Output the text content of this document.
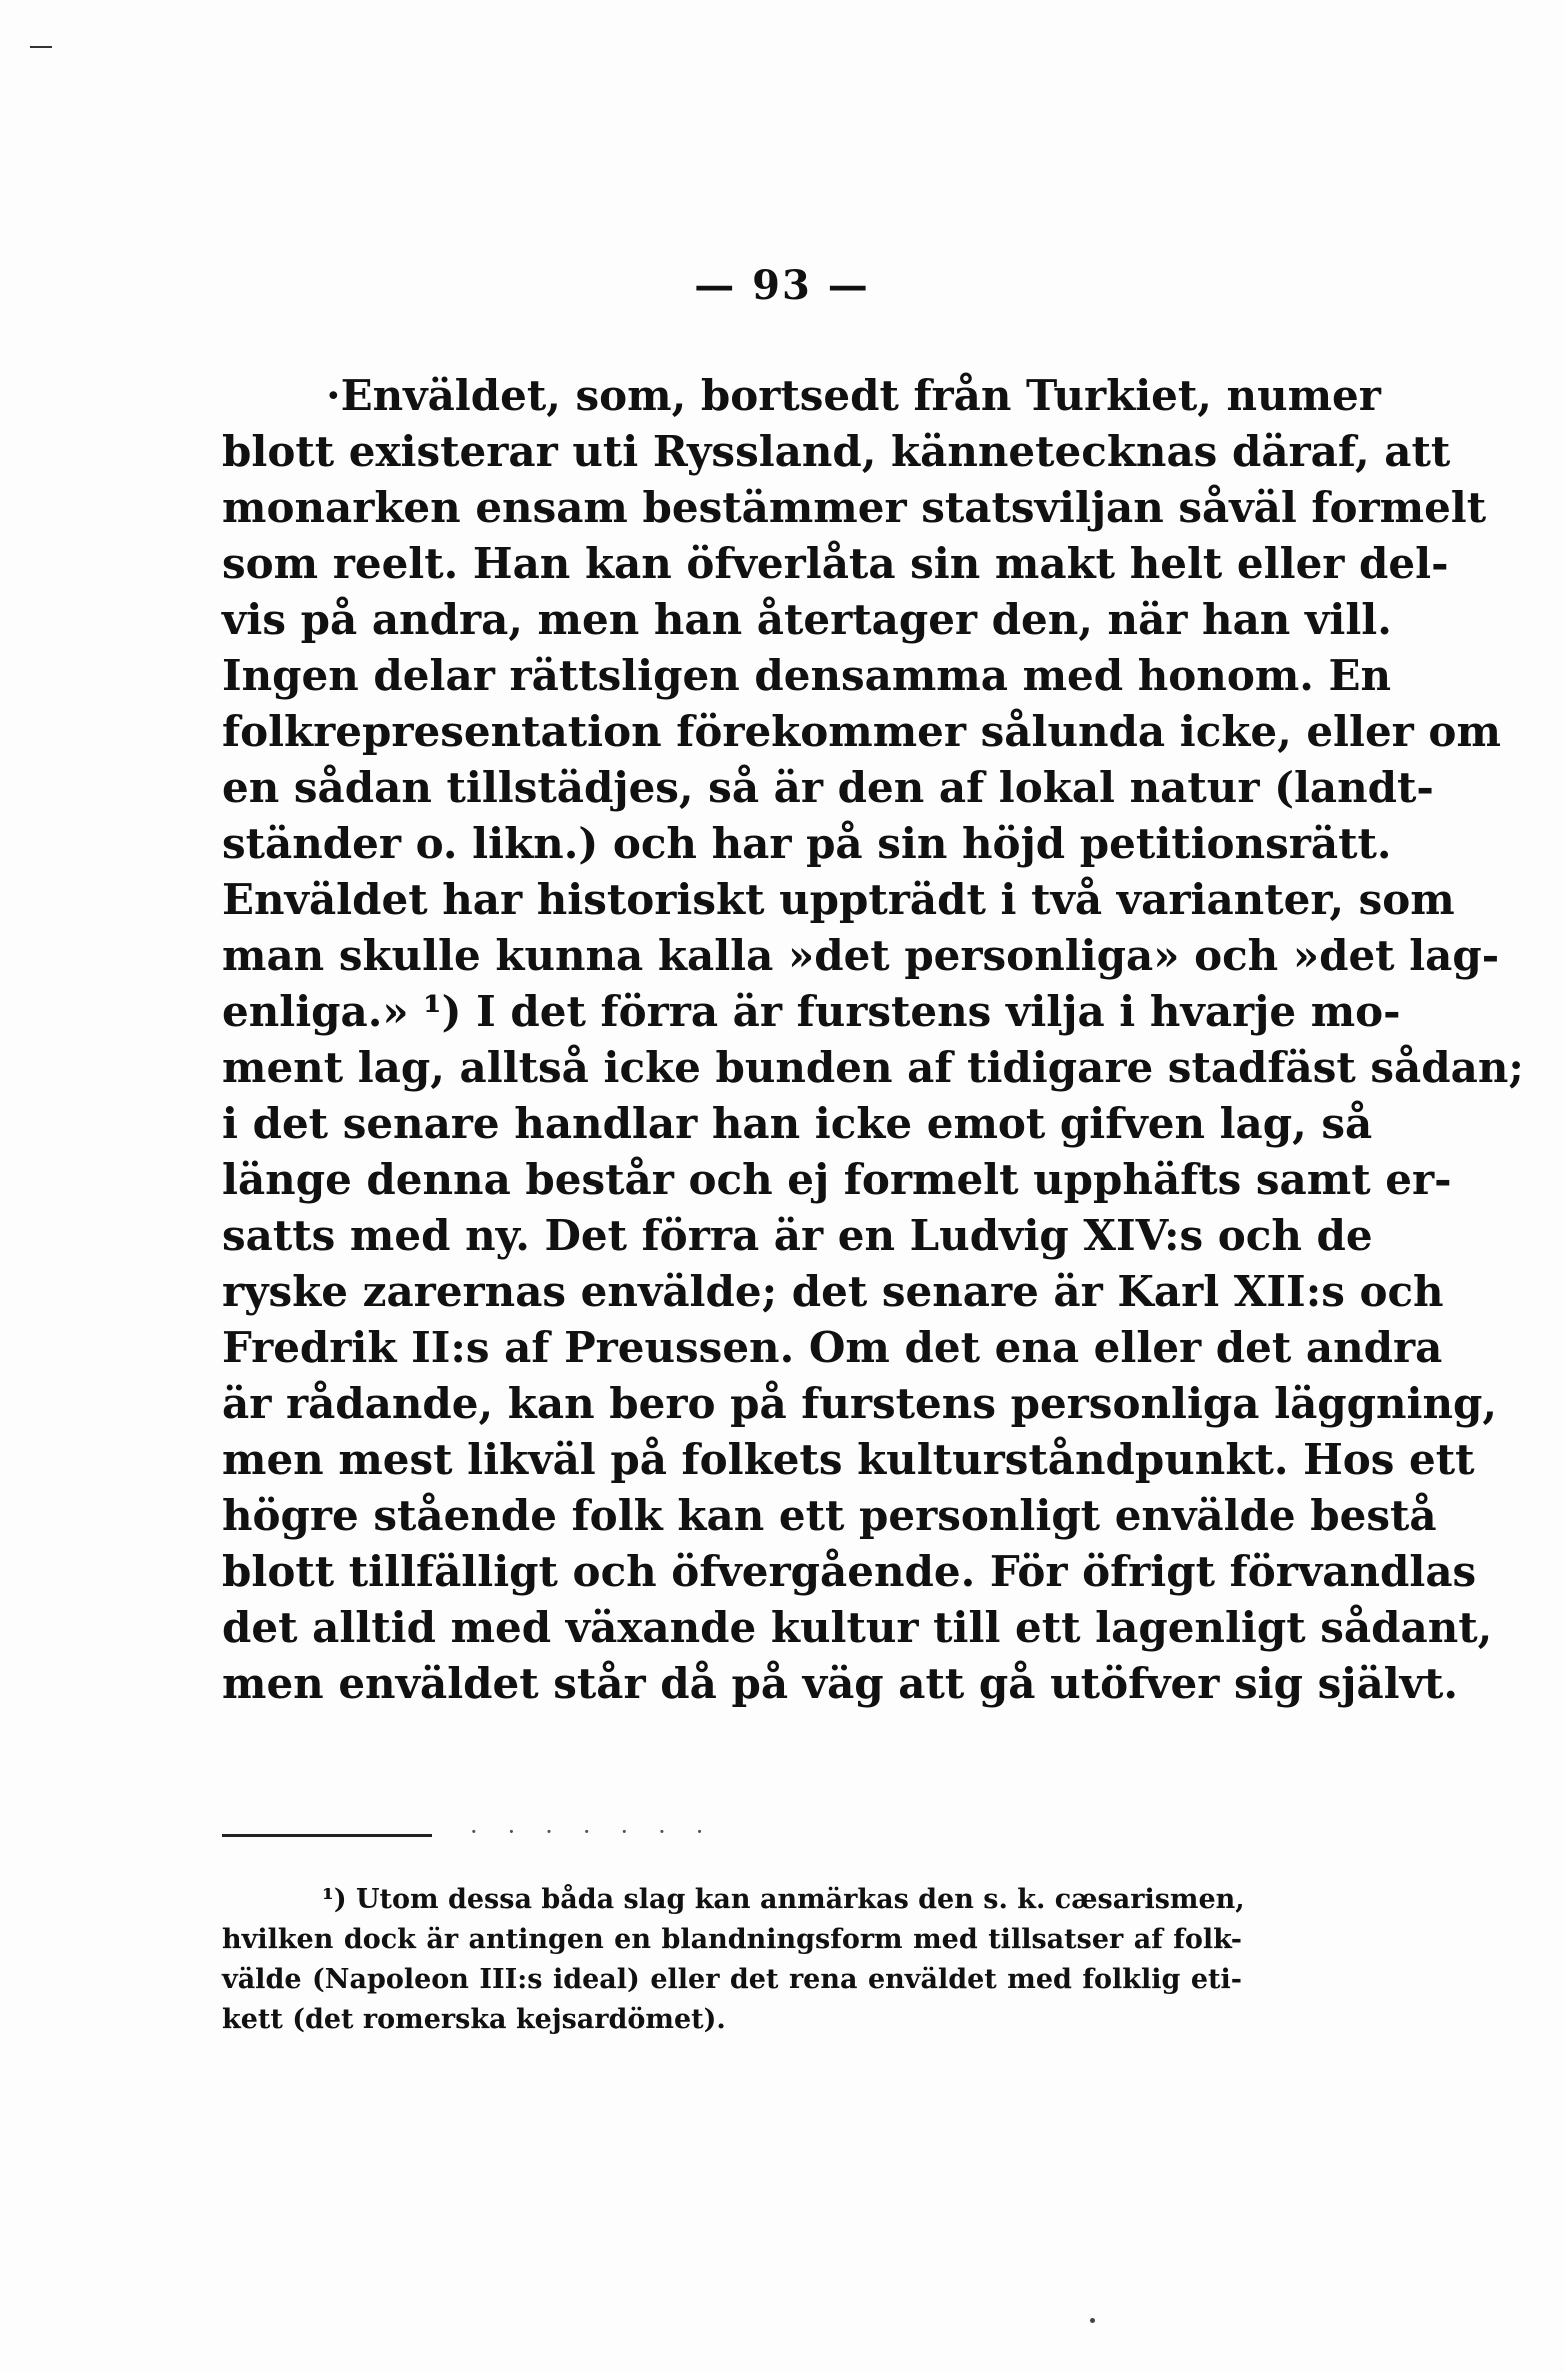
— 93 —
·Enväldet, som, bortsedt från Turkiet, numer
blott existerar uti Ryssland, kännetecknas däraf, att
monarken ensam bestämmer statsviljan såväl formelt
som reelt. Han kan öfverlåta sin makt helt eller del-
vis på andra, men han återtager den, när han vill.
Ingen delar rättsligen densamma med honom. En
folkrepresentation förekommer sålunda icke, eller om
en sådan tillstädjes, så är den af lokal natur (landt-
ständer o. likn.) och har på sin höjd petitionsrätt.
Enväldet har historiskt uppträdt i två varianter, som
man skulle kunna kalla »det personliga» och »det lag-
enliga.» ¹) I det förra är furstens vilja i hvarje mo-
ment lag, alltså icke bunden af tidigare stadfäst sådan;
i det senare handlar han icke emot gifven lag, så
länge denna består och ej formelt upphäfts samt er-
satts med ny. Det förra är en Ludvig XIV:s och de
ryske zarernas envälde; det senare är Karl XII:s och
Fredrik II:s af Preussen. Om det ena eller det andra
är rådande, kan bero på furstens personliga läggning,
men mest likväl på folkets kulturståndpunkt. Hos ett
högre stående folk kan ett personligt envälde bestå
blott tillfälligt och öfvergående. För öfrigt förvandlas
det alltid med växande kultur till ett lagenligt sådant,
men enväldet står då på väg att gå utöfver sig självt.
·······
¹) Utom dessa båda slag kan anmärkas den s. k. cæsarismen,
hvilken dock är antingen en blandningsform med tillsatser af folk-
välde (Napoleon III:s ideal) eller det rena enväldet med folklig eti-
kett (det romerska kejsardömet).
